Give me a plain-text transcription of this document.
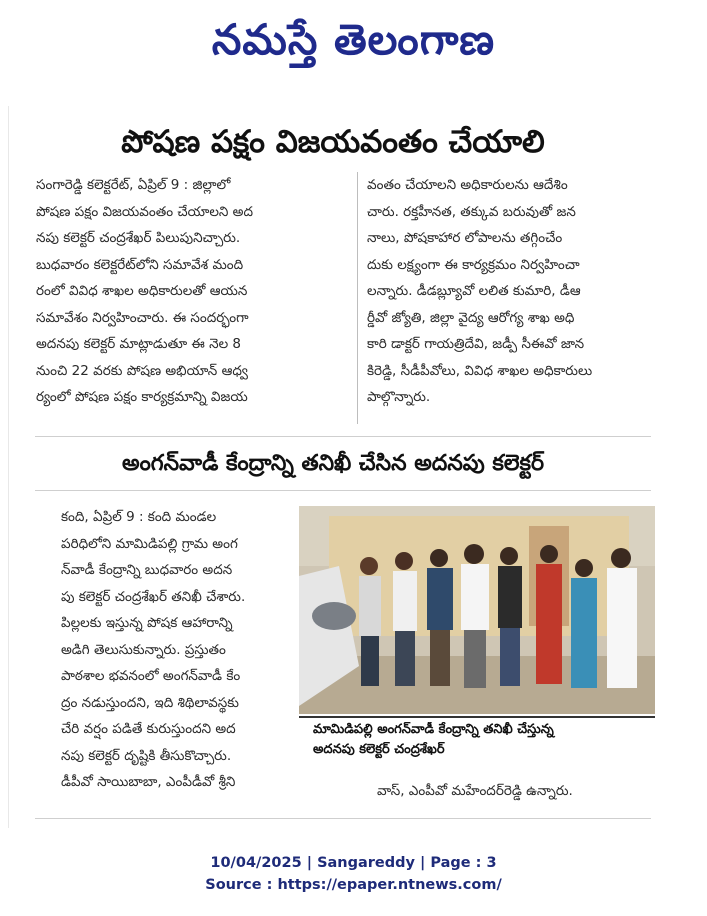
నమస్తే తెలంగాణ
పోషణ పక్షం విజయవంతం చేయాలి
సంగారెడ్డి కలెక్టరేట్, ఏప్రిల్ 9 : జిల్లాలో
పోషణ పక్షం విజయవంతం చేయాలని అద
నపు కలెక్టర్ చంద్రశేఖర్ పిలుపునిచ్చారు.
బుధవారం కలెక్టరేట్‌లోని సమావేశ మంది
రంలో వివిధ శాఖల అధికారులతో ఆయన
సమావేశం నిర్వహించారు. ఈ సందర్భంగా
అదనపు కలెక్టర్ మాట్లాడుతూ ఈ నెల 8
నుంచి 22 వరకు పోషణ అభియాన్ ఆధ్వ
ర్యంలో పోషణ పక్షం కార్యక్రమాన్ని విజయ
వంతం చేయాలని అధికారులను ఆదేశిం
చారు. రక్తహీనత, తక్కువ బరువుతో జన
నాలు, పోషకాహార లోపాలను తగ్గించేం
దుకు లక్ష్యంగా ఈ కార్యక్రమం నిర్వహించా
లన్నారు. డీడబ్ల్యూవో లలిత కుమారి, డీఆ
ర్డీవో జ్యోతి, జిల్లా వైద్య ఆరోగ్య శాఖ అధి
కారి డాక్టర్ గాయత్రిదేవి, జడ్పీ సీఈవో జాన
కిరెడ్డి, సీడీపీవోలు, వివిధ శాఖల అధికారులు
పాల్గొన్నారు.
అంగన్‌వాడీ కేంద్రాన్ని తనిఖీ చేసిన అదనపు కలెక్టర్
కంది, ఏప్రిల్ 9 : కంది మండల
పరిధిలోని మామిడిపల్లి గ్రామ అంగ
న్‌వాడీ కేంద్రాన్ని బుధవారం అదన
పు కలెక్టర్ చంద్రశేఖర్ తనిఖీ చేశారు.
పిల్లలకు ఇస్తున్న పోషక ఆహారాన్ని
అడిగి తెలుసుకున్నారు. ప్రస్తుతం
పాఠశాల భవనంలో అంగన్‌వాడీ కేం
ద్రం నడుస్తుందని, ఇది శిథిలావస్థకు
చేరి వర్షం పడితే కురుస్తుందని అద
నపు కలెక్టర్ దృష్టికి తీసుకొచ్చారు.
డీపీవో సాయిబాబా, ఎంపీడీవో శ్రీని
మామిడిపల్లి అంగన్‌వాడీ కేంద్రాన్ని తనిఖీ చేస్తున్న
అదనపు కలెక్టర్ చంద్రశేఖర్
వాస్, ఎంపీవో మహేందర్‌రెడ్డి ఉన్నారు.
10/04/2025 | Sangareddy | Page : 3
Source : https://epaper.ntnews.com/
